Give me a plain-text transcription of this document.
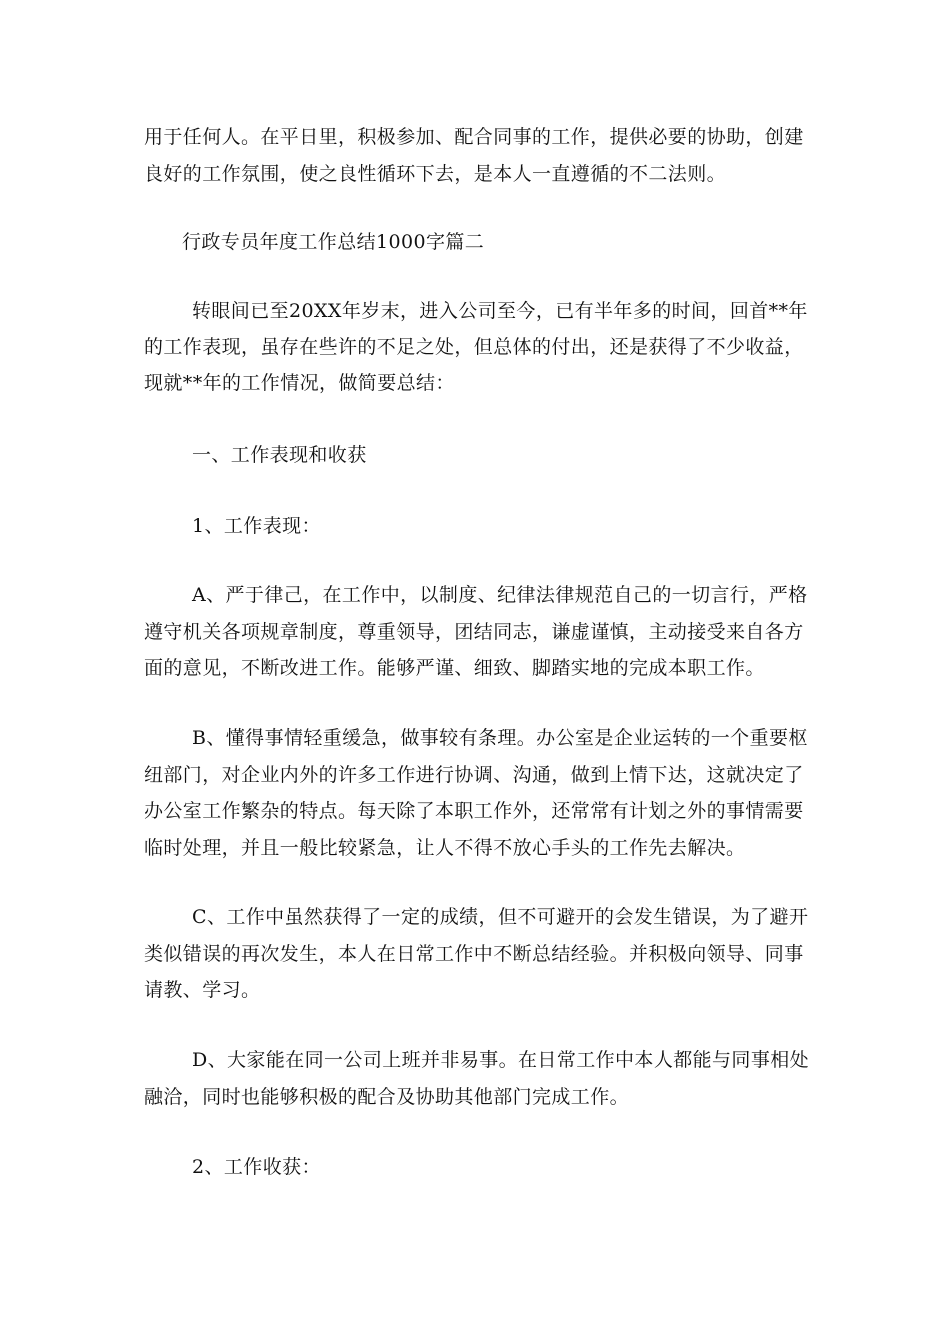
用于任何人。在平日里，积极参加、配合同事的工作，提供必要的协助，创建
良好的工作氛围，使之良性循环下去，是本人一直遵循的不二法则。
行政专员年度工作总结1000字篇二
转眼间已至20XX年岁末，进入公司至今，已有半年多的时间，回首**年
的工作表现，虽存在些许的不足之处，但总体的付出，还是获得了不少收益，
现就**年的工作情况，做简要总结：
一、工作表现和收获
1、工作表现：
A、严于律己，在工作中，以制度、纪律法律规范自己的一切言行，严格
遵守机关各项规章制度，尊重领导，团结同志，谦虚谨慎，主动接受来自各方
面的意见，不断改进工作。能够严谨、细致、脚踏实地的完成本职工作。
B、懂得事情轻重缓急，做事较有条理。办公室是企业运转的一个重要枢
纽部门，对企业内外的许多工作进行协调、沟通，做到上情下达，这就决定了
办公室工作繁杂的特点。每天除了本职工作外，还常常有计划之外的事情需要
临时处理，并且一般比较紧急，让人不得不放心手头的工作先去解决。
C、工作中虽然获得了一定的成绩，但不可避开的会发生错误，为了避开
类似错误的再次发生，本人在日常工作中不断总结经验。并积极向领导、同事
请教、学习。
D、大家能在同一公司上班并非易事。在日常工作中本人都能与同事相处
融洽，同时也能够积极的配合及协助其他部门完成工作。
2、工作收获：
